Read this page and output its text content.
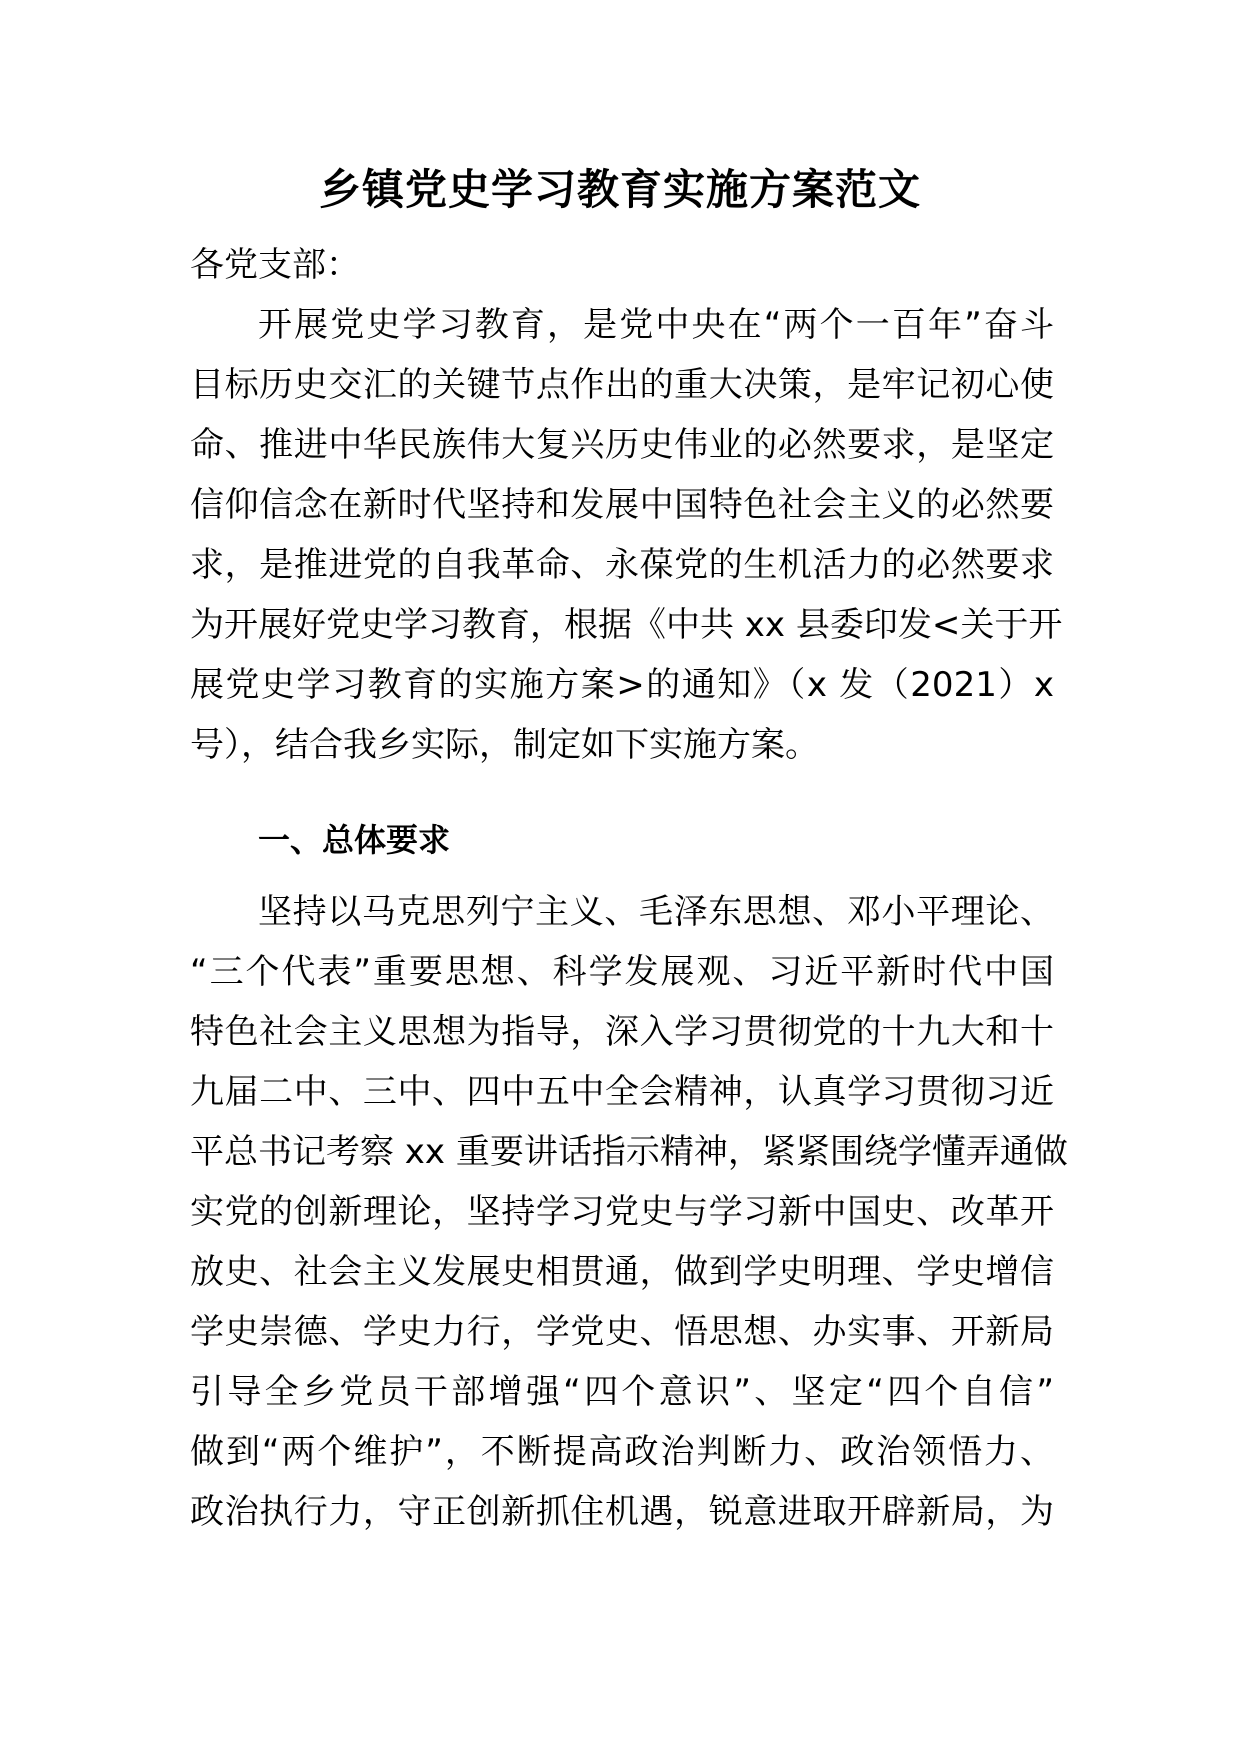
乡镇党史学习教育实施方案范文

各党支部：

开展党史学习教育，是党中央在“两个一百年”奋斗

目标历史交汇的关键节点作出的重大决策，是牢记初心使

命、推进中华民族伟大复兴历史伟业的必然要求，是坚定

信仰信念在新时代坚持和发展中国特色社会主义的必然要

求，是推进党的自我革命、永葆党的生机活力的必然要求

为开展好党史学习教育，根据《中共 xx 县委印发<关于开

展党史学习教育的实施方案>的通知》（x 发（2021）x

号），结合我乡实际，制定如下实施方案。

一、总体要求

坚持以马克思列宁主义、毛泽东思想、邓小平理论、

“三个代表”重要思想、科学发展观、习近平新时代中国

特色社会主义思想为指导，深入学习贯彻党的十九大和十

九届二中、三中、四中五中全会精神，认真学习贯彻习近

平总书记考察 xx 重要讲话指示精神，紧紧围绕学懂弄通做

实党的创新理论，坚持学习党史与学习新中国史、改革开

放史、社会主义发展史相贯通，做到学史明理、学史增信

学史崇德、学史力行，学党史、悟思想、办实事、开新局

引导全乡党员干部增强“四个意识”、坚定“四个自信”

做到“两个维护”，不断提高政治判断力、政治领悟力、

政治执行力，守正创新抓住机遇，锐意进取开辟新局，为
